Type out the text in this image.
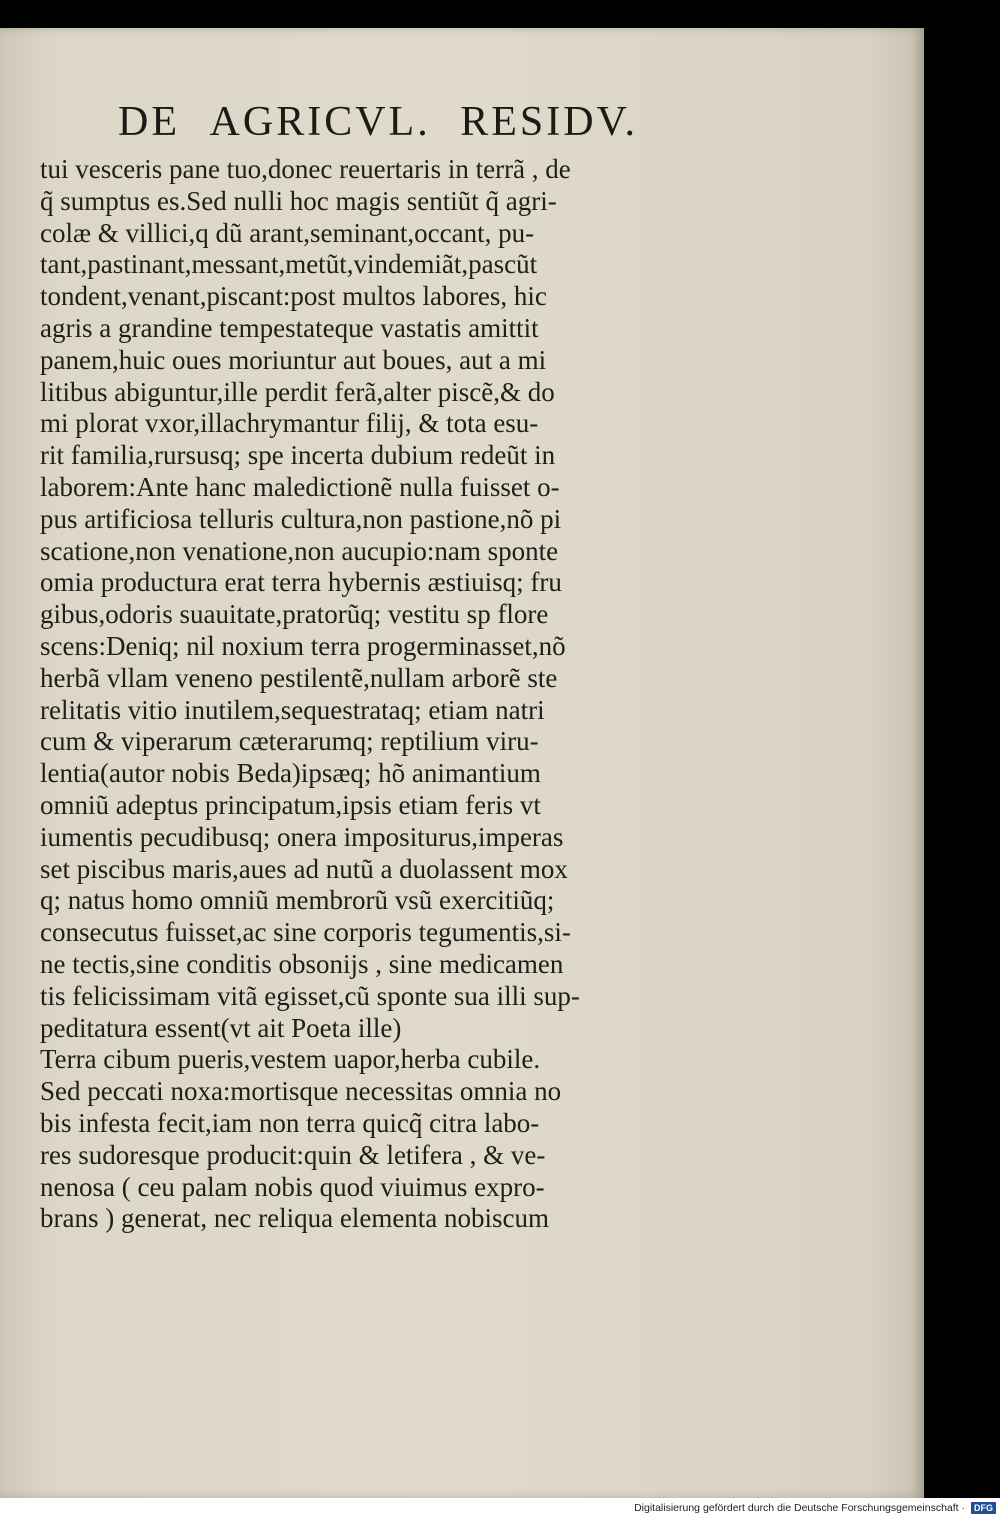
DE AGRICVL. RESIDV.
tui vesceris pane tuo,donec reuertaris in terrã , de
q̃ sumptus es.Sed nulli hoc magis sentiũt q̃ agri-
colæ & villici,q dũ arant,seminant,occant, pu-
tant,pastinant,messant,metũt,vindemiãt,pascũt
tondent,venant,piscant:post multos labores, hic
agris a grandine tempestateque vastatis amittit
panem,huic oues moriuntur aut boues, aut a mi
litibus abiguntur,ille perdit ferã,alter piscẽ,& do
mi plorat vxor,illachrymantur filij, & tota esu-
rit familia,rursusq; spe incerta dubium redeũt in
laborem:Ante hanc maledictionẽ nulla fuisset o-
pus artificiosa telluris cultura,non pastione,nõ pi
scatione,non venatione,non aucupio:nam sponte
omia productura erat terra hybernis æstiuisq; fru
gibus,odoris suauitate,pratorũq; vestitu sp flore
scens:Deniq; nil noxium terra progerminasset,nõ
herbã vllam veneno pestilentẽ,nullam arborẽ ste
relitatis vitio inutilem,sequestrataq; etiam natri
cum & viperarum cæterarumq; reptilium viru-
lentia(autor nobis Beda)ipsæq; hõ animantium
omniũ adeptus principatum,ipsis etiam feris vt
iumentis pecudibusq; onera impositurus,imperas
set piscibus maris,aues ad nutũ a duolassent mox
q; natus homo omniũ membrorũ vsũ exercitiũq;
consecutus fuisset,ac sine corporis tegumentis,si-
ne tectis,sine conditis obsonijs , sine medicamen
tis felicissimam vitã egisset,cũ sponte sua illi sup-
peditatura essent(vt ait Poeta ille)
Terra cibum pueris,vestem uapor,herba cubile.
Sed peccati noxa:mortisque necessitas omnia no
bis infesta fecit,iam non terra quicq̃ citra labo-
res sudoresque producit:quin & letifera , & ve-
nenosa ( ceu palam nobis quod viuimus expro-
brans ) generat, nec reliqua elementa nobiscum
Digitalisierung gefördert durch die Deutsche Forschungsgemeinschaft ·	DFG
